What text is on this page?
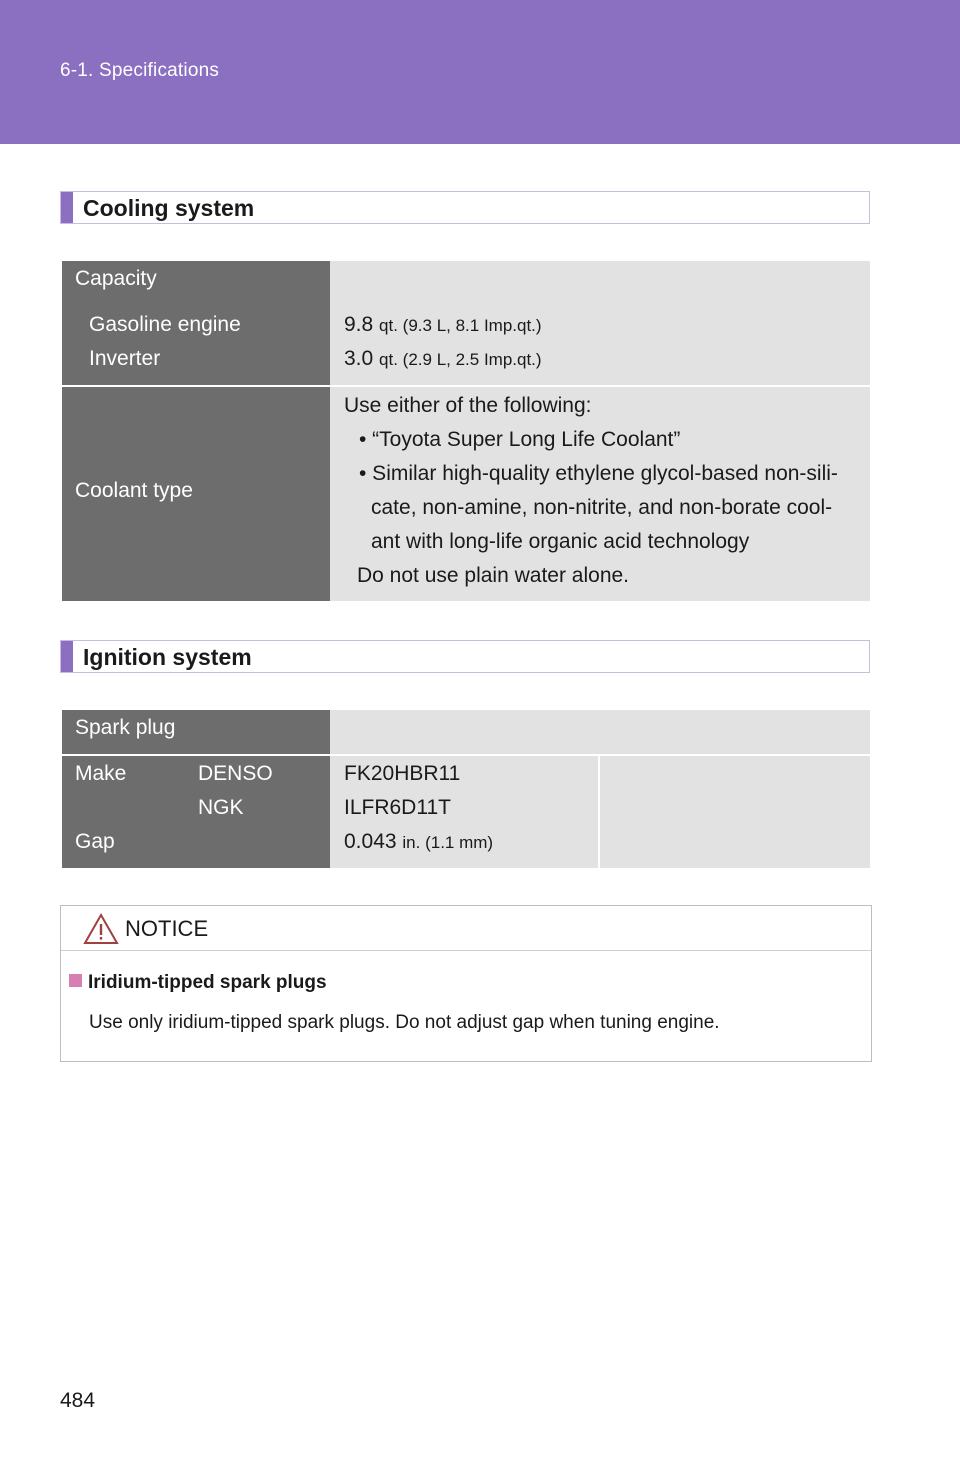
6-1. Specifications
Cooling system
Capacity
Gasoline engine
Inverter
9.8 qt. (9.3 L, 8.1 Imp.qt.)
3.0 qt. (2.9 L, 2.5 Imp.qt.)
Coolant type
Use either of the following:
• “Toyota Super Long Life Coolant”
• Similar high-quality ethylene glycol-based non-sili-
cate, non-amine, non-nitrite, and non-borate cool-
ant with long-life organic acid technology
Do not use plain water alone.
Ignition system
Spark plug
Make	DENSO
NGK
Gap
FK20HBR11
ILFR6D11T
0.043 in. (1.1 mm)
NOTICE
Iridium-tipped spark plugs
Use only iridium-tipped spark plugs. Do not adjust gap when tuning engine.
484
